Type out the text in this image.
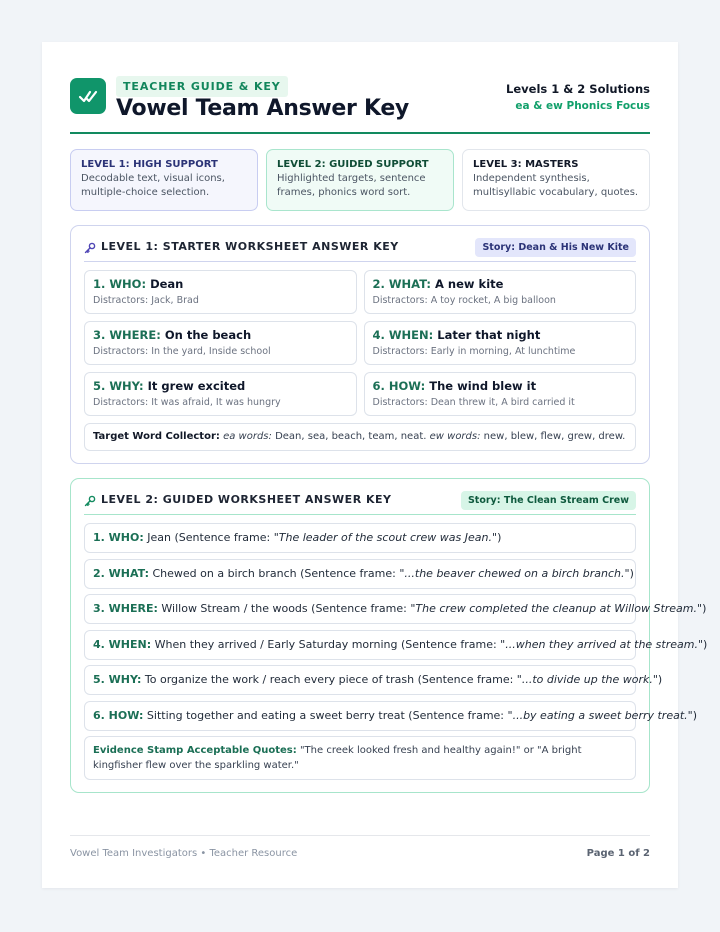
TEACHER GUIDE & KEY
Vowel Team Answer Key
Levels 1 & 2 Solutions
ea & ew Phonics Focus
LEVEL 1: HIGH SUPPORT
Decodable text, visual icons, multiple-choice selection.
LEVEL 2: GUIDED SUPPORT
Highlighted targets, sentence frames, phonics word sort.
LEVEL 3: MASTERS
Independent synthesis, multisyllabic vocabulary, quotes.
LEVEL 1: STARTER WORKSHEET ANSWER KEY	Story: Dean & His New Kite
1. WHO: Dean
Distractors: Jack, Brad
2. WHAT: A new kite
Distractors: A toy rocket, A big balloon
3. WHERE: On the beach
Distractors: In the yard, Inside school
4. WHEN: Later that night
Distractors: Early in morning, At lunchtime
5. WHY: It grew excited
Distractors: It was afraid, It was hungry
6. HOW: The wind blew it
Distractors: Dean threw it, A bird carried it
Target Word Collector: ea words: Dean, sea, beach, team, neat. ew words: new, blew, flew, grew, drew.
LEVEL 2: GUIDED WORKSHEET ANSWER KEY	Story: The Clean Stream Crew
1. WHO: Jean (Sentence frame: "The leader of the scout crew was Jean.")
2. WHAT: Chewed on a birch branch (Sentence frame: "...the beaver chewed on a birch branch.")
3. WHERE: Willow Stream / the woods (Sentence frame: "The crew completed the cleanup at Willow Stream.")
4. WHEN: When they arrived / Early Saturday morning (Sentence frame: "...when they arrived at the stream.")
5. WHY: To organize the work / reach every piece of trash (Sentence frame: "...to divide up the work.")
6. HOW: Sitting together and eating a sweet berry treat (Sentence frame: "...by eating a sweet berry treat.")
Evidence Stamp Acceptable Quotes: "The creek looked fresh and healthy again!" or "A bright kingfisher flew over the sparkling water."
Vowel Team Investigators • Teacher Resource	Page 1 of 2
